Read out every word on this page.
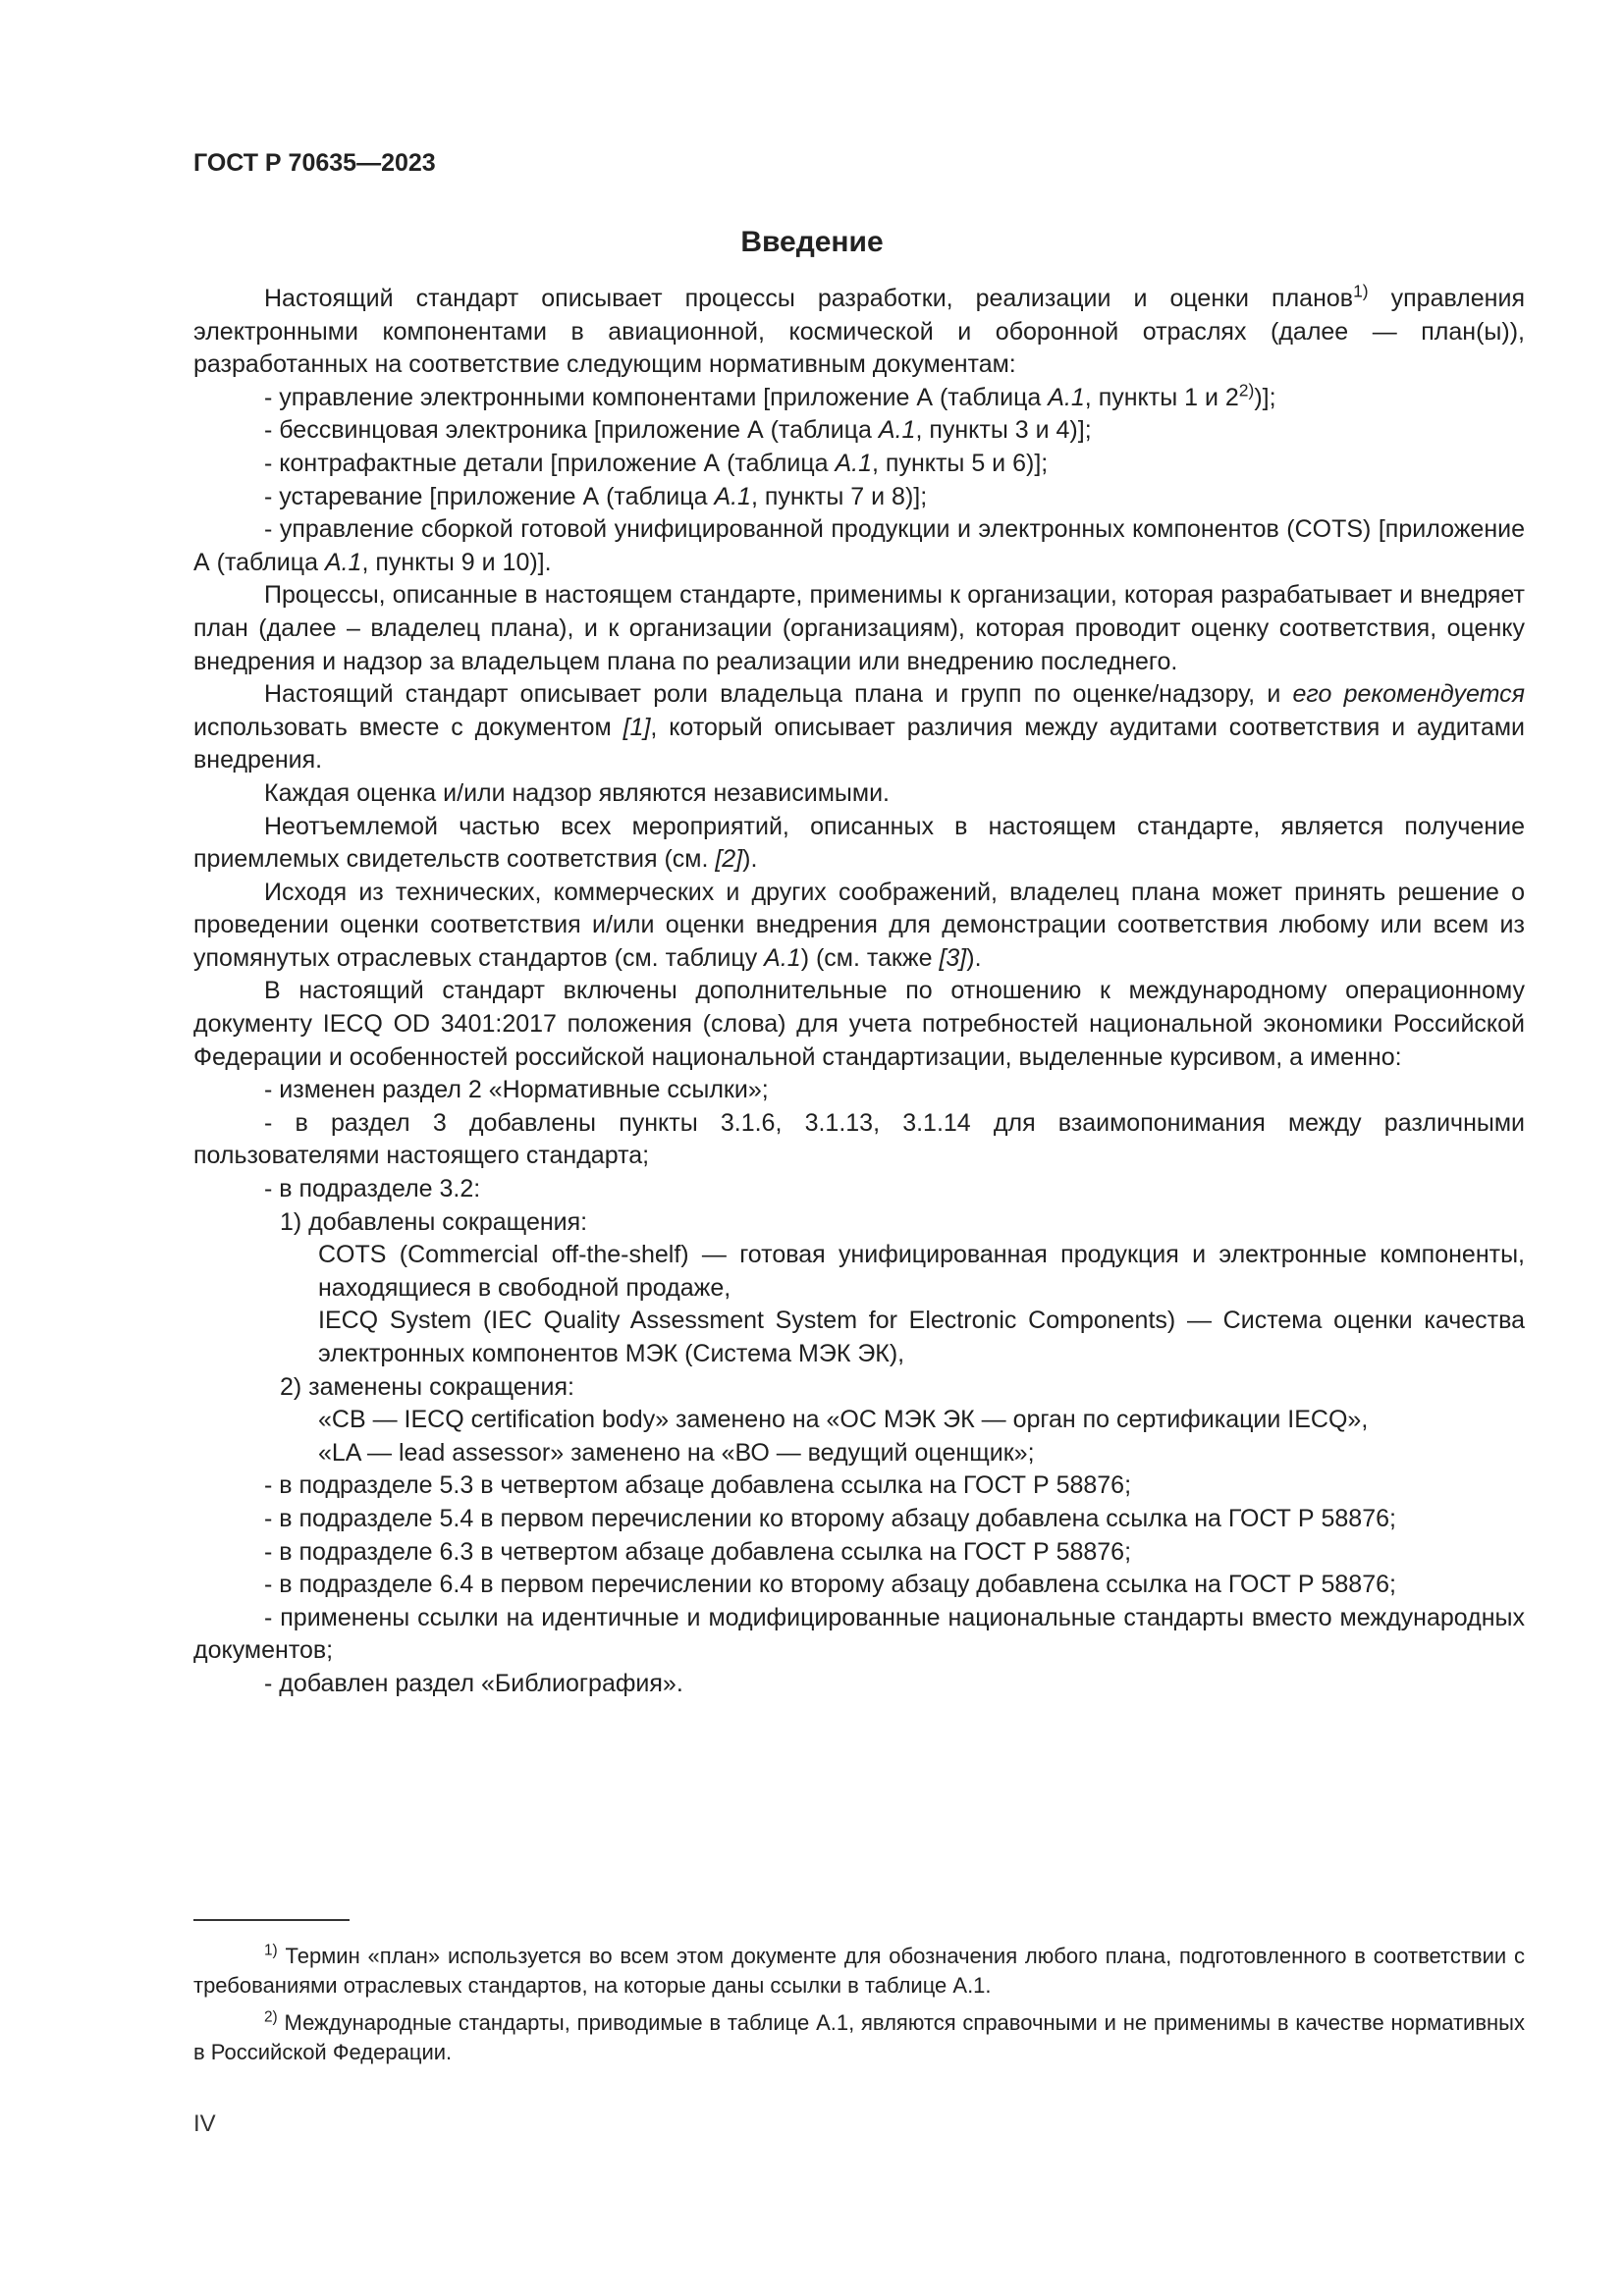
ГОСТ Р 70635—2023
Введение

Настоящий стандарт описывает процессы разработки, реализации и оценки планов$^{1)}$ управления электронными компонентами в авиационной, космической и оборонной отраслях (далее — план(ы)), разработанных на соответствие следующим нормативным документам:

- управление электронными компонентами [приложение А (таблица А.1, пункты 1 и 2$^{2)}$)];

- бессвинцовая электроника [приложение А (таблица А.1, пункты 3 и 4)];

- контрафактные детали [приложение А (таблица А.1, пункты 5 и 6)];

- устаревание [приложение А (таблица А.1, пункты 7 и 8)];

- управление сборкой готовой унифицированной продукции и электронных компонентов (COTS) [приложение А (таблица А.1, пункты 9 и 10)].

Процессы, описанные в настоящем стандарте, применимы к организации, которая разрабатывает и внедряет план (далее – владелец плана), и к организации (организациям), которая проводит оценку соответствия, оценку внедрения и надзор за владельцем плана по реализации или внедрению последнего.

Настоящий стандарт описывает роли владельца плана и групп по оценке/надзору, и его рекомендуется использовать вместе с документом [1], который описывает различия между аудитами соответствия и аудитами внедрения.

Каждая оценка и/или надзор являются независимыми.

Неотъемлемой частью всех мероприятий, описанных в настоящем стандарте, является получение приемлемых свидетельств соответствия (см. [2]).

Исходя из технических, коммерческих и других соображений, владелец плана может принять решение о проведении оценки соответствия и/или оценки внедрения для демонстрации соответствия любому или всем из упомянутых отраслевых стандартов (см. таблицу А.1) (см. также [3]).

В настоящий стандарт включены дополнительные по отношению к международному операционному документу IECQ OD 3401:2017 положения (слова) для учета потребностей национальной экономики Российской Федерации и особенностей российской национальной стандартизации, выделенные курсивом, а именно:

- изменен раздел 2 «Нормативные ссылки»;

- в раздел 3 добавлены пункты 3.1.6, 3.1.13, 3.1.14 для взаимопонимания между различными пользователями настоящего стандарта;

- в подразделе 3.2:

1) добавлены сокращения:

COTS (Commercial off-the-shelf) — готовая унифицированная продукция и электронные компоненты, находящиеся в свободной продаже,

IECQ System (IEC Quality Assessment System for Electronic Components) — Система оценки качества электронных компонентов МЭК (Система МЭК ЭК),

2) заменены сокращения:

«CB — IECQ certification body» заменено на «ОС МЭК ЭК — орган по сертификации IECQ»,

«LA — lead assessor» заменено на «ВО — ведущий оценщик»;

- в подразделе 5.3 в четвертом абзаце добавлена ссылка на ГОСТ Р 58876;

- в подразделе 5.4 в первом перечислении ко второму абзацу добавлена ссылка на ГОСТ Р 58876;

- в подразделе 6.3 в четвертом абзаце добавлена ссылка на ГОСТ Р 58876;

- в подразделе 6.4 в первом перечислении ко второму абзацу добавлена ссылка на ГОСТ Р 58876;

- применены ссылки на идентичные и модифицированные национальные стандарты вместо международных документов;

- добавлен раздел «Библиография».

$^{1)}$ Термин «план» используется во всем этом документе для обозначения любого плана, подготовленного в соответствии с требованиями отраслевых стандартов, на которые даны ссылки в таблице А.1.

$^{2)}$ Международные стандарты, приводимые в таблице А.1, являются справочными и не применимы в качестве нормативных в Российской Федерации.

IV
